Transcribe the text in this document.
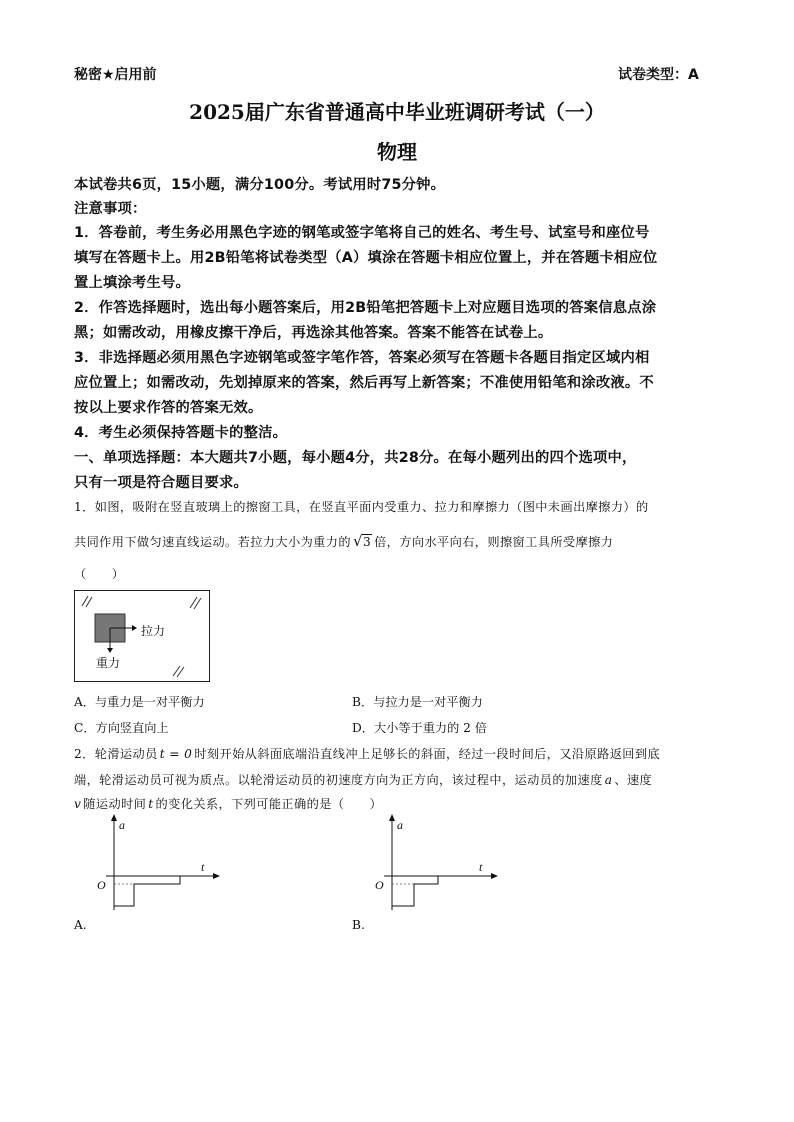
秘密★启用前	试卷类型：A
2025届广东省普通高中毕业班调研考试（一）
物理
本试卷共6页，15小题，满分100分。考试用时75分钟。
注意事项：
1．答卷前，考生务必用黑色字迹的钢笔或签字笔将自己的姓名、考生号、试室号和座位号
填写在答题卡上。用2B铅笔将试卷类型（A）填涂在答题卡相应位置上，并在答题卡相应位
置上填涂考生号。
2．作答选择题时，选出每小题答案后，用2B铅笔把答题卡上对应题目选项的答案信息点涂
黑；如需改动，用橡皮擦干净后，再选涂其他答案。答案不能答在试卷上。
3．非选择题必须用黑色字迹钢笔或签字笔作答，答案必须写在答题卡各题目指定区域内相
应位置上；如需改动，先划掉原来的答案，然后再写上新答案；不准使用铅笔和涂改液。不
按以上要求作答的答案无效。
4．考生必须保持答题卡的整洁。
一、单项选择题：本大题共7小题，每小题4分，共28分。在每小题列出的四个选项中，
只有一项是符合题目要求。
1．如图，吸附在竖直玻璃上的擦窗工具，在竖直平面内受重力、拉力和摩擦力（图中未画出摩擦力）的
共同作用下做匀速直线运动。若拉力大小为重力的 √ 3 倍，方向水平向右，则擦窗工具所受摩擦力
（　　）
拉力
重力
A．与重力是一对平衡力	B．与拉力是一对平衡力
C．方向竖直向上	D．大小等于重力的 2 倍
2．轮滑运动员 t = 0 时刻开始从斜面底端沿直线冲上足够长的斜面，经过一段时间后，又沿原路返回到底
端，轮滑运动员可视为质点。以轮滑运动员的初速度方向为正方向，该过程中，运动员的加速度 a 、速度
v 随运动时间 t 的变化关系，下列可能正确的是（　　）
a
t
O
A.
a
t
O
B.
